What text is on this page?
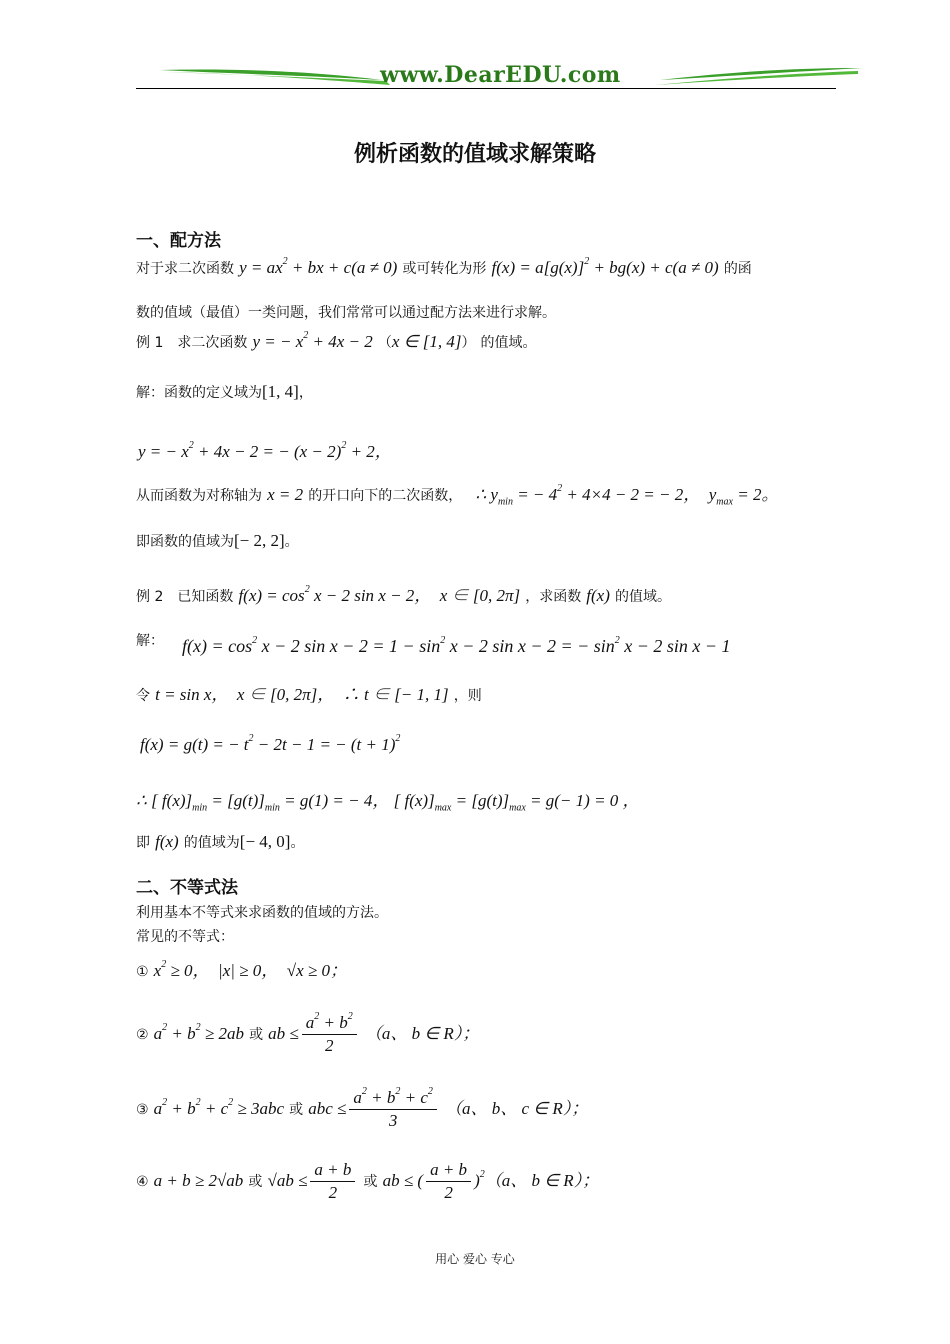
www.DearEDU.com
例析函数的值域求解策略
一、配方法
对于求二次函数 $y = ax^2$ + bx + c(a ≠ 0) 或可转化为形 $f(x) = a[g(x)]^2 + bg(x) + c(a \ne 0)$ 的函
数的值域（最值）一类问题，我们常常可以通过配方法来进行求解。
例 1　求二次函数 y = − $x^2 + 4x - 2$ （x ∈ [1, 4]） 的值域。
解：函数的定义域为[1, 4]，
y = − $x^2 + 4x - 2$ = − $(x - 2)^2 + 2$，
从而函数为对称轴为 x = 2 的开口向下的二次函数， ∴ $y_{min}$ = − $4^2 + 4\times 4 - 2$ = − 2，  $y_{max} = 2$。
即函数的值域为[− 2, 2]。
例 2　已知函数 $f(x) = \cos^2 x - 2$ sin x − 2，  x ∈ [0, 2π] ，求函数 f(x) 的值域。
解： $f(x) = \cos^2 x - 2$ $\sin x - 2 = 1 - \sin^2 x - 2$ sin x − 2 = − $\sin^2 x - 2$ sin x − 1
令 t = sin x，  x ∈ [0, 2π]，  ∴ t ∈ [− 1, 1] ，则
f(x) = g(t) = − $t^2 - 2t - 1$ = − $(t + 1)^2$
∴ [ $f(x)]_{min} = [g(t)]_{min} = g(1)$ = − 4， [ $f(x)]_{max} = [g(t)]_{max} = g(- 1) = 0$ ，
即 f(x) 的值域为[− 4, 0]。
二、不等式法
利用基本不等式来求函数的值域的方法。
常见的不等式：
① $x^2 \ge 0$，  |x| ≥ 0，  √x ≥ 0；
② $a^2 + b^2 \ge 2ab$ 或 ab ≤ $\frac{a^2 + b^2}{2} (a$、 b ∈ R）；
③ $a^2 + b^2 + c^2 \ge 3abc$ 或 abc ≤ $\frac{a^2 + b^2 + c^2}{3} (a$、 b、 c ∈ R）；
④ a + b ≥ 2√ab 或 $√ab \le \frac{a + b}{2}$ 或 ab ≤ ( $\frac{a + b}{2} )^2(a$、 b ∈ R）；
用心 爱心 专心
